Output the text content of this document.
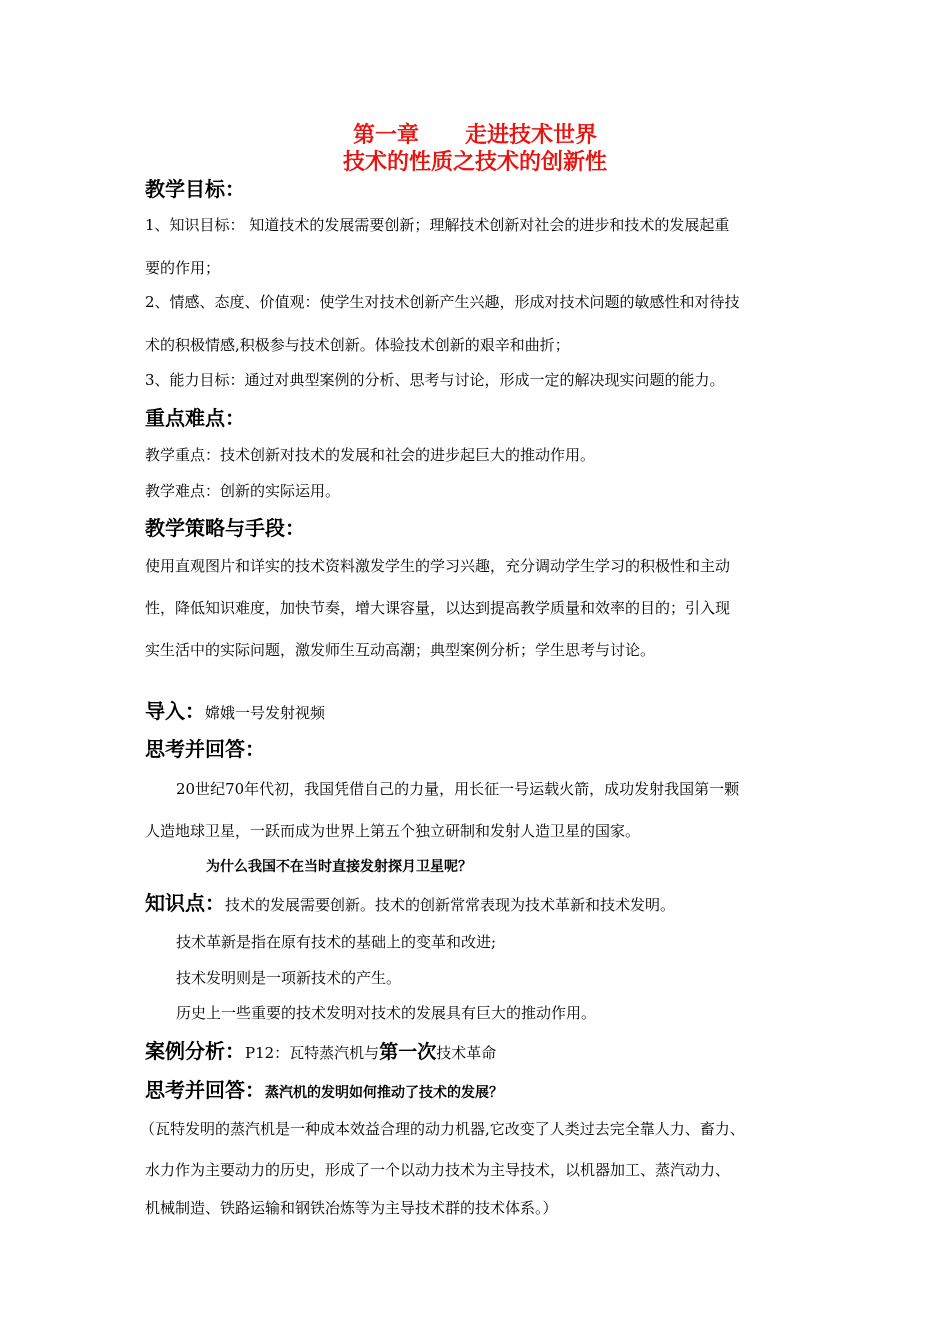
第一章      走进技术世界
技术的性质之技术的创新性
教学目标：
1、知识目标： 知道技术的发展需要创新；理解技术创新对社会的进步和技术的发展起重
要的作用；
2、情感、态度、价值观：使学生对技术创新产生兴趣，形成对技术问题的敏感性和对待技
术的积极情感,积极参与技术创新。体验技术创新的艰辛和曲折；
3、能力目标：通过对典型案例的分析、思考与讨论，形成一定的解决现实问题的能力。
重点难点：
教学重点：技术创新对技术的发展和社会的进步起巨大的推动作用。
教学难点：创新的实际运用。
教学策略与手段：
使用直观图片和详实的技术资料激发学生的学习兴趣，充分调动学生学习的积极性和主动
性，降低知识难度，加快节奏，增大课容量，以达到提高教学质量和效率的目的；引入现
实生活中的实际问题，激发师生互动高潮；典型案例分析；学生思考与讨论。
导入：嫦娥一号发射视频
思考并回答：
20世纪70年代初，我国凭借自己的力量，用长征一号运载火箭，成功发射我国第一颗
人造地球卫星，一跃而成为世界上第五个独立研制和发射人造卫星的国家。
为什么我国不在当时直接发射探月卫星呢？
知识点：技术的发展需要创新。技术的创新常常表现为技术革新和技术发明。
技术革新是指在原有技术的基础上的变革和改进;
技术发明则是一项新技术的产生。
历史上一些重要的技术发明对技术的发展具有巨大的推动作用。
案例分析：P12：瓦特蒸汽机与第一次技术革命
思考并回答：蒸汽机的发明如何推动了技术的发展？
（瓦特发明的蒸汽机是一种成本效益合理的动力机器,它改变了人类过去完全靠人力、畜力、
水力作为主要动力的历史，形成了一个以动力技术为主导技术，以机器加工、蒸汽动力、
机械制造、铁路运输和钢铁冶炼等为主导技术群的技术体系。）
